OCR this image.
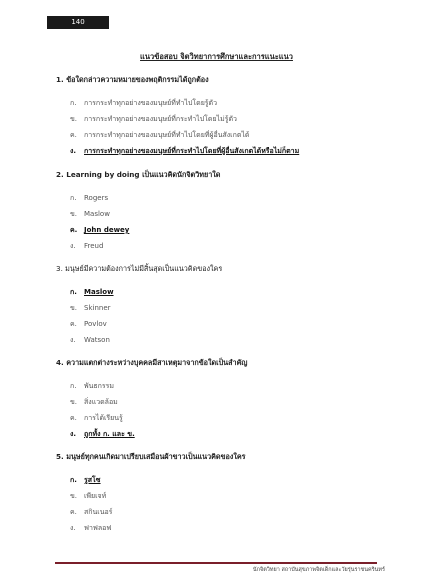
140
แนวข้อสอบ จิตวิทยาการศึกษาและการแนะแนว
1. ข้อใดกล่าวความหมายของพฤติกรรมได้ถูกต้อง
ก. การกระทำทุกอย่างของมนุษย์ที่ทำไปโดยรู้ตัว
ข. การกระทำทุกอย่างของมนุษย์ที่กระทำไปโดยไม่รู้ตัว
ค. การกระทำทุกอย่างของมนุษย์ที่ทำไปโดยที่ผู้อื่นสังเกตได้
ง. การกระทำทุกอย่างของมนุษย์ที่กระทำไปโดยที่ผู้อื่นสังเกตได้หรือไม่ก็ตาม
2. Learning by doing เป็นแนวคิดนักจิตวิทยาใด
ก. Rogers
ข. Maslow
ค. John dewey
ง. Freud
3. มนุษย์มีความต้องการไม่มีสิ้นสุดเป็นแนวคิดของใคร
ก. Maslow
ข. Skinner
ค. Povlov
ง. Watson
4. ความแตกต่างระหว่างบุคคลมีสาเหตุมาจากข้อใดเป็นสำคัญ
ก. พันธกรรม
ข. สิ่งแวดล้อม
ค. การได้เรียนรู้
ง. ถูกทั้ง ก. และ ข.
5. มนุษย์ทุกคนเกิดมาเปรียบเสมือนผ้าขาวเป็นแนวคิดของใคร
ก. รูสโซ
ข. เพียเจท์
ค. สกินเนอร์
ง. ฟาฟลอฟ
นักจิตวิทยา สถาบันสุขภาพจิตเด็กและวัยรุ่นราชนครินทร์
